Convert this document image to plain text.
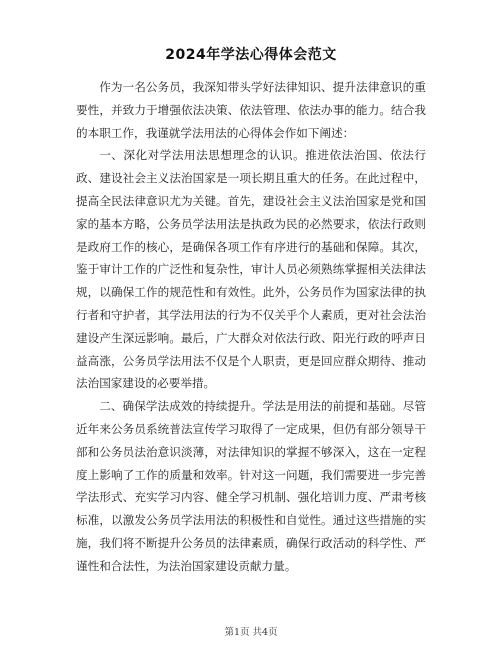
2024年学法心得体会范文

作为一名公务员，我深知带头学好法律知识、提升法律意识的重要性，并致力于增强依法决策、依法管理、依法办事的能力。结合我的本职工作，我谨就学法用法的心得体会作如下阐述：

一、深化对学法用法思想理念的认识。推进依法治国、依法行政、建设社会主义法治国家是一项长期且重大的任务。在此过程中，提高全民法律意识尤为关键。首先，建设社会主义法治国家是党和国家的基本方略，公务员学法用法是执政为民的必然要求，依法行政则是政府工作的核心，是确保各项工作有序进行的基础和保障。其次，鉴于审计工作的广泛性和复杂性，审计人员必须熟练掌握相关法律法规，以确保工作的规范性和有效性。此外，公务员作为国家法律的执行者和守护者，其学法用法的行为不仅关乎个人素质，更对社会法治建设产生深远影响。最后，广大群众对依法行政、阳光行政的呼声日益高涨，公务员学法用法不仅是个人职责，更是回应群众期待、推动法治国家建设的必要举措。

二、确保学法成效的持续提升。学法是用法的前提和基础。尽管近年来公务员系统普法宣传学习取得了一定成果，但仍有部分领导干部和公务员法治意识淡薄，对法律知识的掌握不够深入，这在一定程度上影响了工作的质量和效率。针对这一问题，我们需要进一步完善学法形式、充实学习内容、健全学习机制、强化培训力度、严肃考核标准，以激发公务员学法用法的积极性和自觉性。通过这些措施的实施，我们将不断提升公务员的法律素质，确保行政活动的科学性、严谨性和合法性，为法治国家建设贡献力量。

第1页 共4页
